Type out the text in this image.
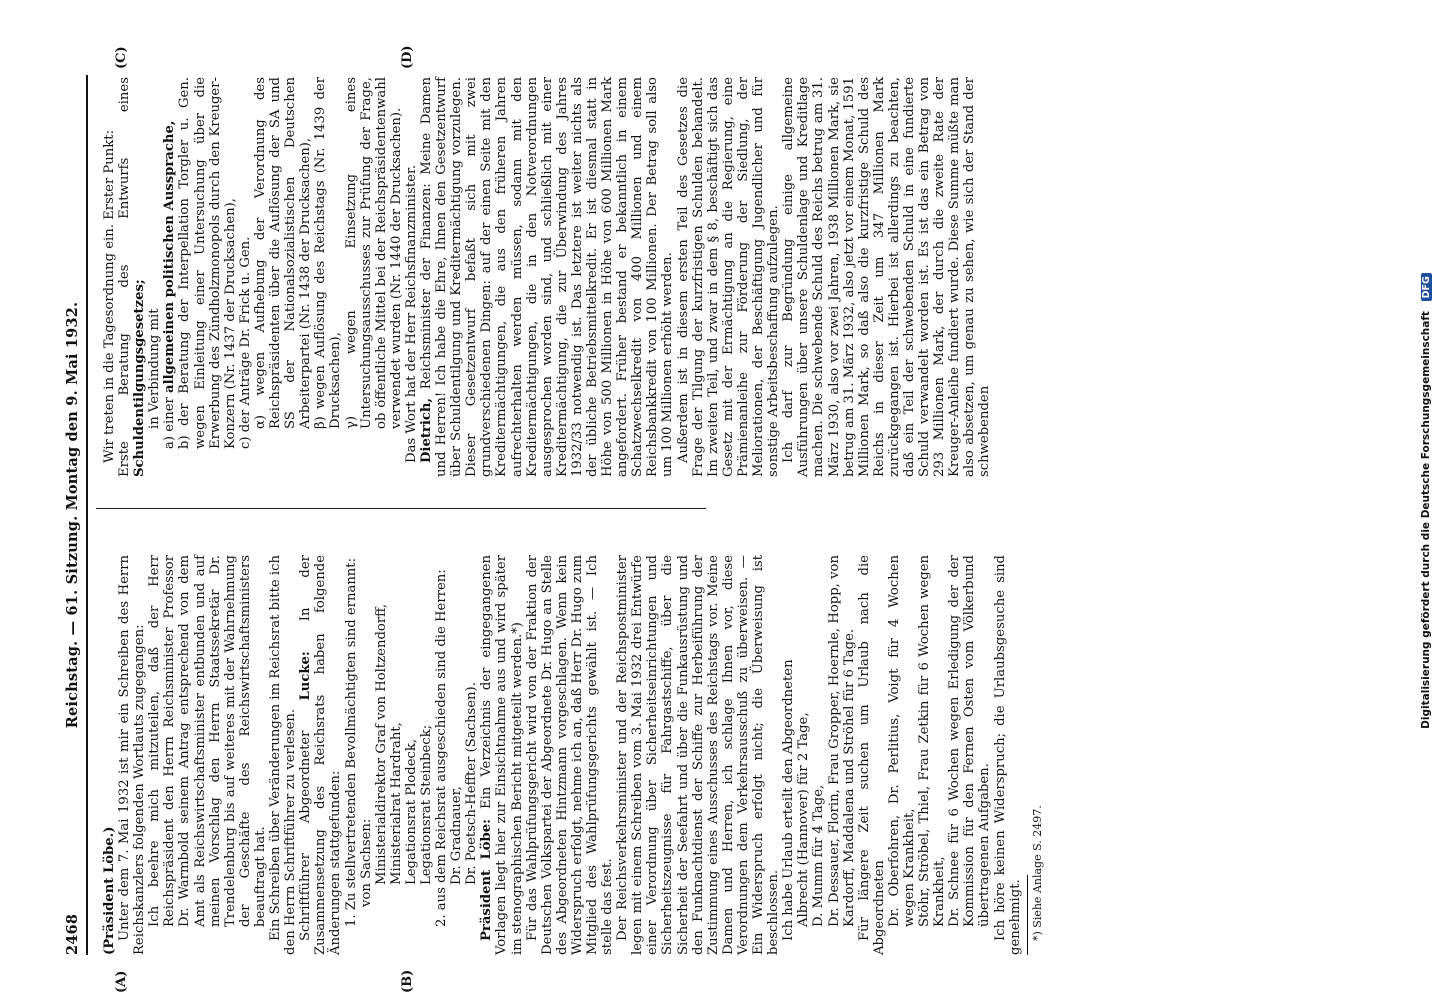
2468
Reichstag. — 61. Sitzung. Montag den 9. Mai 1932.
(A)	(B)
(C)	(D)

(Präsident Löbe.) Unter dem 7. Mai 1932 ist mir ein Schreiben des Herrn Reichskanzlers folgenden Wortlauts zugegangen: Ich beehre mich mitzuteilen, daß der Herr Reichspräsident den Herrn Reichsminister Professor Dr. Warmbold seinem Antrag entsprechend von dem Amt als Reichswirtschaftsminister entbunden und auf meinen Vorschlag den Herrn Staatssekretär Dr. Trendelenburg bis auf weiteres mit der Wahrnehmung der Geschäfte des Reichswirtschaftsministers beauftragt hat. Ein Schreiben über Veränderungen im Reichsrat bitte ich den Herrn Schriftführer zu verlesen. Schriftführer Abgeordneter Lucke: In der Zusammensetzung des Reichsrats haben folgende Änderungen stattgefunden: 1. Zu stellvertretenden Bevollmächtigten sind ernannt: von Sachsen: Ministerialdirektor Graf von Holtzendorff, Ministerialrat Hardraht, Legationsrat Plodeck, Legationsrat Steinbeck; 2. aus dem Reichsrat ausgeschieden sind die Herren: Dr. Gradnauer, Dr. Poetsch-Heffter (Sachsen). Präsident Löbe: Ein Verzeichnis der eingegangenen Vorlagen liegt hier zur Einsichtnahme aus und wird später im stenographischen Bericht mitgeteilt werden.*) Für das Wahlprüfungsgericht wird von der Fraktion der Deutschen Volkspartei der Abgeordnete Dr. Hugo an Stelle des Abgeordneten Hintzmann vorgeschlagen. Wenn kein Widerspruch erfolgt, nehme ich an, daß Herr Dr. Hugo zum Mitglied des Wahlprüfungsgerichts gewählt ist. — Ich stelle das fest. Der Reichsverkehrsminister und der Reichspostminister legen mit einem Schreiben vom 3. Mai 1932 drei Entwürfe einer Verordnung über Sicherheitseinrichtungen und Sicherheitszeugnisse für Fahrgastschiffe, über die Sicherheit der Seefahrt und über die Funkausrüstung und den Funknachtdienst der Schiffe zur Herbeiführung der Zustimmung eines Ausschusses des Reichstags vor. Meine Damen und Herren, ich schlage Ihnen vor, diese Verordnungen dem Verkehrsausschuß zu überweisen. — Ein Widerspruch erfolgt nicht; die Überweisung ist beschlossen. Ich habe Urlaub erteilt den Abgeordneten Albrecht (Hannover) für 2 Tage, D. Mumm für 4 Tage, Dr. Dessauer, Florin, Frau Gropper, Hoernle, Hopp, von Kardorff, Maddalena und Ströhel für 6 Tage. Für längere Zeit suchen um Urlaub nach die Abgeordneten Dr. Oberfohren, Dr. Perlitius, Voigt für 4 Wochen wegen Krankheit, Stöhr, Ströbel, Thiel, Frau Zetkin für 6 Wochen wegen Krankheit, Dr. Schnee für 6 Wochen wegen Erledigung der der Kommission für den Fernen Osten vom Völkerbund übertragenen Aufgaben. Ich höre keinen Widerspruch; die Urlaubsgesuche sind genehmigt. *) Siehe Anlage S. 2497.

Wir treten in die Tagesordnung ein. Erster Punkt: Erste Beratung des Entwurfs eines Schuldentilgungsgesetzes; in Verbindung mit a) einer allgemeinen politischen Aussprache, b) der Beratung der Interpellation Torgler u. Gen. wegen Einleitung einer Untersuchung über die Erwerbung des Zündholzmonopols durch den Kreuger-Konzern (Nr. 1437 der Drucksachen), c) der Anträge Dr. Frick u. Gen. α) wegen Aufhebung der Verordnung des Reichspräsidenten über die Auflösung der SA und SS der Nationalsozialistischen Deutschen Arbeiterpartei (Nr. 1438 der Drucksachen), β) wegen Auflösung des Reichstags (Nr. 1439 der Drucksachen), γ) wegen Einsetzung eines Untersuchungsausschusses zur Prüfung der Frage, ob öffentliche Mittel bei der Reichspräsidentenwahl verwendet wurden (Nr. 1440 der Drucksachen). Das Wort hat der Herr Reichsfinanzminister. Dietrich, Reichsminister der Finanzen: Meine Damen und Herren! Ich habe die Ehre, Ihnen den Gesetzentwurf über Schuldentilgung und Kreditermächtigung vorzulegen. Dieser Gesetzentwurf befaßt sich mit zwei grundverschiedenen Dingen: auf der einen Seite mit den Kreditermächtigungen, die aus den früheren Jahren aufrechterhalten werden müssen, sodann mit den Kreditermächtigungen, die in den Notverordnungen ausgesprochen worden sind, und schließlich mit einer Kreditermächtigung, die zur Überwindung des Jahres 1932/33 notwendig ist. Das letztere ist weiter nichts als der übliche Betriebsmittelkredit. Er ist diesmal statt in Höhe von 500 Millionen in Höhe von 600 Millionen Mark angefordert. Früher bestand er bekanntlich in einem Schatzwechselkredit von 400 Millionen und einem Reichsbankkredit von 100 Millionen. Der Betrag soll also um 100 Millionen erhöht werden. Außerdem ist in diesem ersten Teil des Gesetzes die Frage der Tilgung der kurzfristigen Schulden behandelt. Im zweiten Teil, und zwar in dem § 8, beschäftigt sich das Gesetz mit der Ermächtigung an die Regierung, eine Prämienanleihe zur Förderung der Siedlung, der Meliorationen, der Beschäftigung Jugendlicher und für sonstige Arbeitsbeschaffung aufzulegen. Ich darf zur Begründung einige allgemeine Ausführungen über unsere Schuldenlage und Kreditlage machen. Die schwebende Schuld des Reichs betrug am 31. März 1930, also vor zwei Jahren, 1938 Millionen Mark, sie betrug am 31. März 1932, also jetzt vor einem Monat, 1591 Millionen Mark, so daß also die kurzfristige Schuld des Reichs in dieser Zeit um 347 Millionen Mark zurückgegangen ist. Hierbei ist allerdings zu beachten, daß ein Teil der schwebenden Schuld in eine fundierte Schuld verwandelt worden ist. Es ist das ein Betrag von 293 Millionen Mark, der durch die zweite Rate der Kreuger-Anleihe fundiert wurde. Diese Summe müßte man also absetzen, um genau zu sehen, wie sich der Stand der schwebenden	Digitalisierung gefördert durch die Deutsche Forschungsgemeinschaft DFG
